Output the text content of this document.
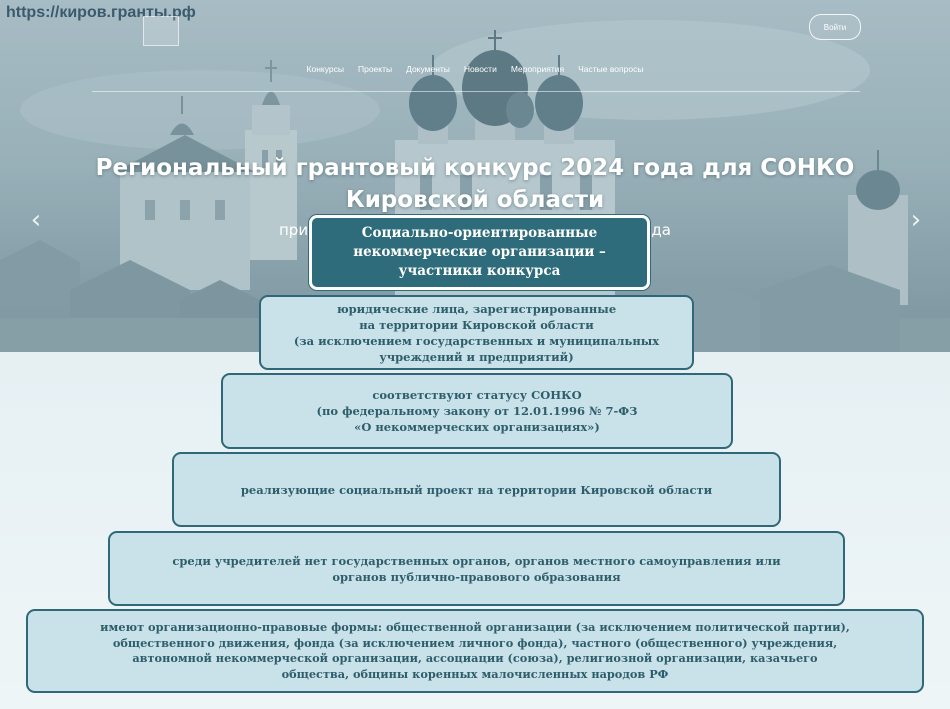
https://киров.гранты.рф
Войти
Конкурсы Проекты Документы Новости Мероприятия Частые вопросы
‹	›
Региональный грантовый конкурс 2024 года для СОНКО
Кировской области
при	да
Социально-ориентированные
некоммерческие организации –
участники конкурса
юридические лица, зарегистрированные
на территории Кировской области
(за исключением государственных и муниципальных
учреждений и предприятий)
соответствуют статусу СОНКО
(по федеральному закону от 12.01.1996 № 7-ФЗ
«О некоммерческих организациях»)
реализующие социальный проект на территории Кировской области
среди учредителей нет государственных органов, органов местного самоуправления или
органов публично-правового образования
имеют организационно-правовые формы: общественной организации (за исключением политической партии),
общественного движения, фонда (за исключением личного фонда), частного (общественного) учреждения,
автономной некоммерческой организации, ассоциации (союза), религиозной организации, казачьего
общества, общины коренных малочисленных народов РФ
